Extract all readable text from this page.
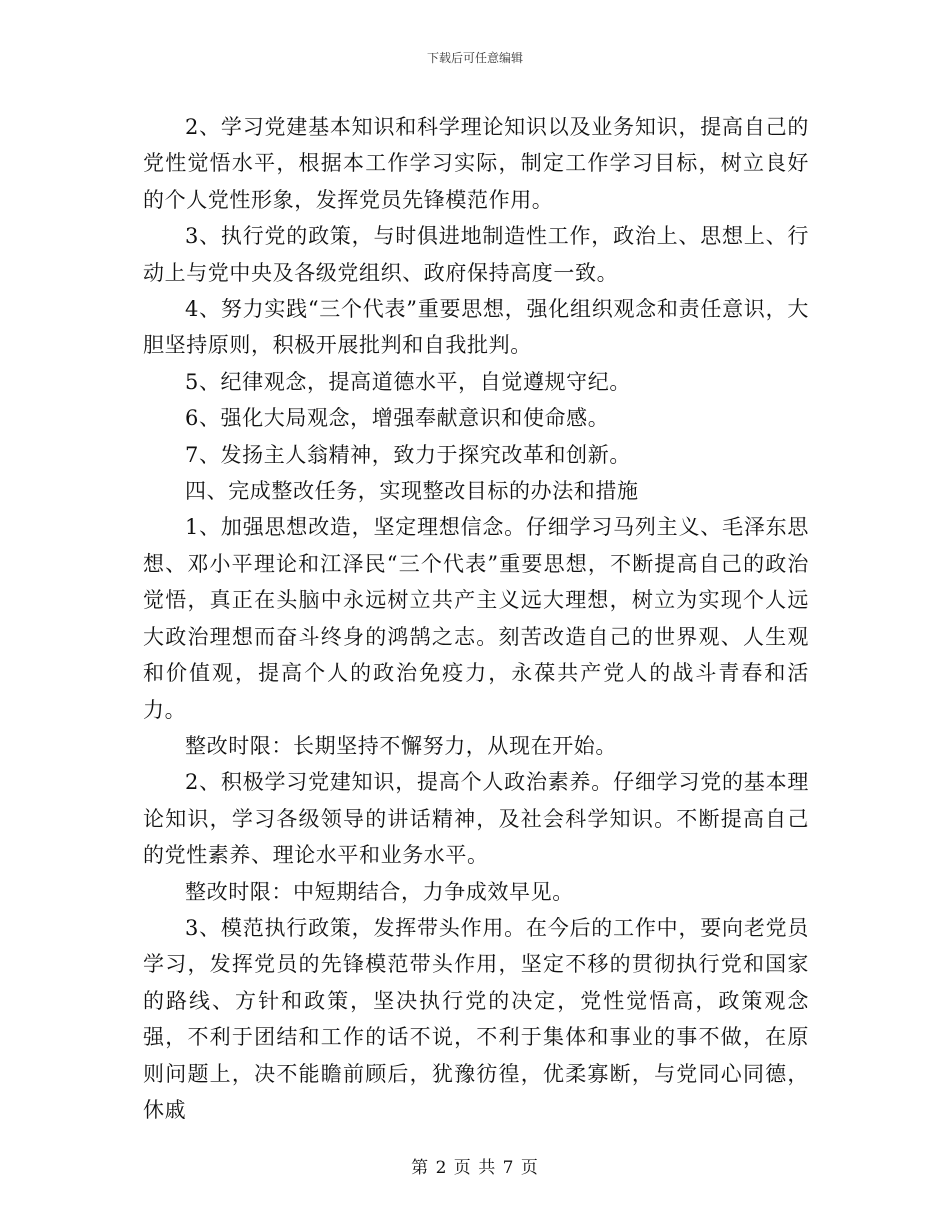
下载后可任意编辑

2、学习党建基本知识和科学理论知识以及业务知识，提高自己的党性觉悟水平，根据本工作学习实际，制定工作学习目标，树立良好的个人党性形象，发挥党员先锋模范作用。

3、执行党的政策，与时俱进地制造性工作，政治上、思想上、行动上与党中央及各级党组织、政府保持高度一致。

4、努力实践“三个代表”重要思想，强化组织观念和责任意识，大胆坚持原则，积极开展批判和自我批判。

5、纪律观念，提高道德水平，自觉遵规守纪。

6、强化大局观念，增强奉献意识和使命感。

7、发扬主人翁精神，致力于探究改革和创新。

四、完成整改任务，实现整改目标的办法和措施

1、加强思想改造，坚定理想信念。仔细学习马列主义、毛泽东思想、邓小平理论和江泽民“三个代表”重要思想，不断提高自己的政治觉悟，真正在头脑中永远树立共产主义远大理想，树立为实现个人远大政治理想而奋斗终身的鸿鹄之志。刻苦改造自己的世界观、人生观和价值观，提高个人的政治免疫力，永葆共产党人的战斗青春和活力。

整改时限：长期坚持不懈努力，从现在开始。

2、积极学习党建知识，提高个人政治素养。仔细学习党的基本理论知识，学习各级领导的讲话精神，及社会科学知识。不断提高自己的党性素养、理论水平和业务水平。

整改时限：中短期结合，力争成效早见。

3、模范执行政策，发挥带头作用。在今后的工作中，要向老党员学习，发挥党员的先锋模范带头作用，坚定不移的贯彻执行党和国家的路线、方针和政策，坚决执行党的决定，党性觉悟高，政策观念强，不利于团结和工作的话不说，不利于集体和事业的事不做，在原则问题上，决不能瞻前顾后，犹豫彷徨，优柔寡断，与党同心同德，休戚

第 2 页 共 7 页
